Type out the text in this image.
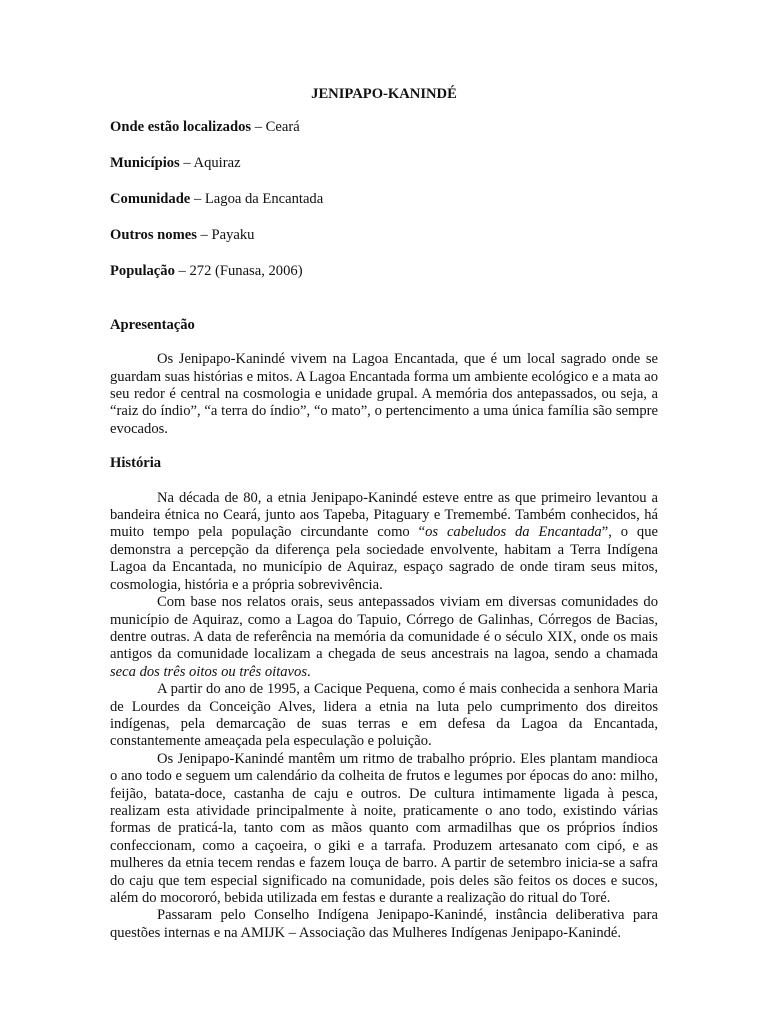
JENIPAPO-KANINDÉ
Onde estão localizados – Ceará
Municípios – Aquiraz
Comunidade – Lagoa da Encantada
Outros nomes – Payaku
População – 272 (Funasa, 2006)
Apresentação

Os Jenipapo-Kanindé vivem na Lagoa Encantada, que é um local sagrado onde se guardam suas histórias e mitos. A Lagoa Encantada forma um ambiente ecológico e a mata ao seu redor é central na cosmologia e unidade grupal. A memória dos antepassados, ou seja, a “raiz do índio”, “a terra do índio”, “o mato”, o pertencimento a uma única família são sempre evocados.

História

Na década de 80, a etnia Jenipapo-Kanindé esteve entre as que primeiro levantou a bandeira étnica no Ceará, junto aos Tapeba, Pitaguary e Tremembé. Também conhecidos, há muito tempo pela população circundante como “os cabeludos da Encantada”, o que demonstra a percepção da diferença pela sociedade envolvente, habitam a Terra Indígena Lagoa da Encantada, no município de Aquiraz, espaço sagrado de onde tiram seus mitos, cosmologia, história e a própria sobrevivência.

Com base nos relatos orais, seus antepassados viviam em diversas comunidades do município de Aquiraz, como a Lagoa do Tapuio, Córrego de Galinhas, Córregos de Bacias, dentre outras. A data de referência na memória da comunidade é o século XIX, onde os mais antigos da comunidade localizam a chegada de seus ancestrais na lagoa, sendo a chamada seca dos três oitos ou três oitavos.

A partir do ano de 1995, a Cacique Pequena, como é mais conhecida a senhora Maria de Lourdes da Conceição Alves, lidera a etnia na luta pelo cumprimento dos direitos indígenas, pela demarcação de suas terras e em defesa da Lagoa da Encantada, constantemente ameaçada pela especulação e poluição.

Os Jenipapo-Kanindé mantêm um ritmo de trabalho próprio. Eles plantam mandioca o ano todo e seguem um calendário da colheita de frutos e legumes por épocas do ano: milho, feijão, batata-doce, castanha de caju e outros. De cultura intimamente ligada à pesca, realizam esta atividade principalmente à noite, praticamente o ano todo, existindo várias formas de praticá-la, tanto com as mãos quanto com armadilhas que os próprios índios confeccionam, como a caçoeira, o giki e a tarrafa. Produzem artesanato com cipó, e as mulheres da etnia tecem rendas e fazem louça de barro. A partir de setembro inicia-se a safra do caju que tem especial significado na comunidade, pois deles são feitos os doces e sucos, além do mocororó, bebida utilizada em festas e durante a realização do ritual do Toré.

Passaram pelo Conselho Indígena Jenipapo-Kanindé, instância deliberativa para questões internas e na AMIJK – Associação das Mulheres Indígenas Jenipapo-Kanindé.
